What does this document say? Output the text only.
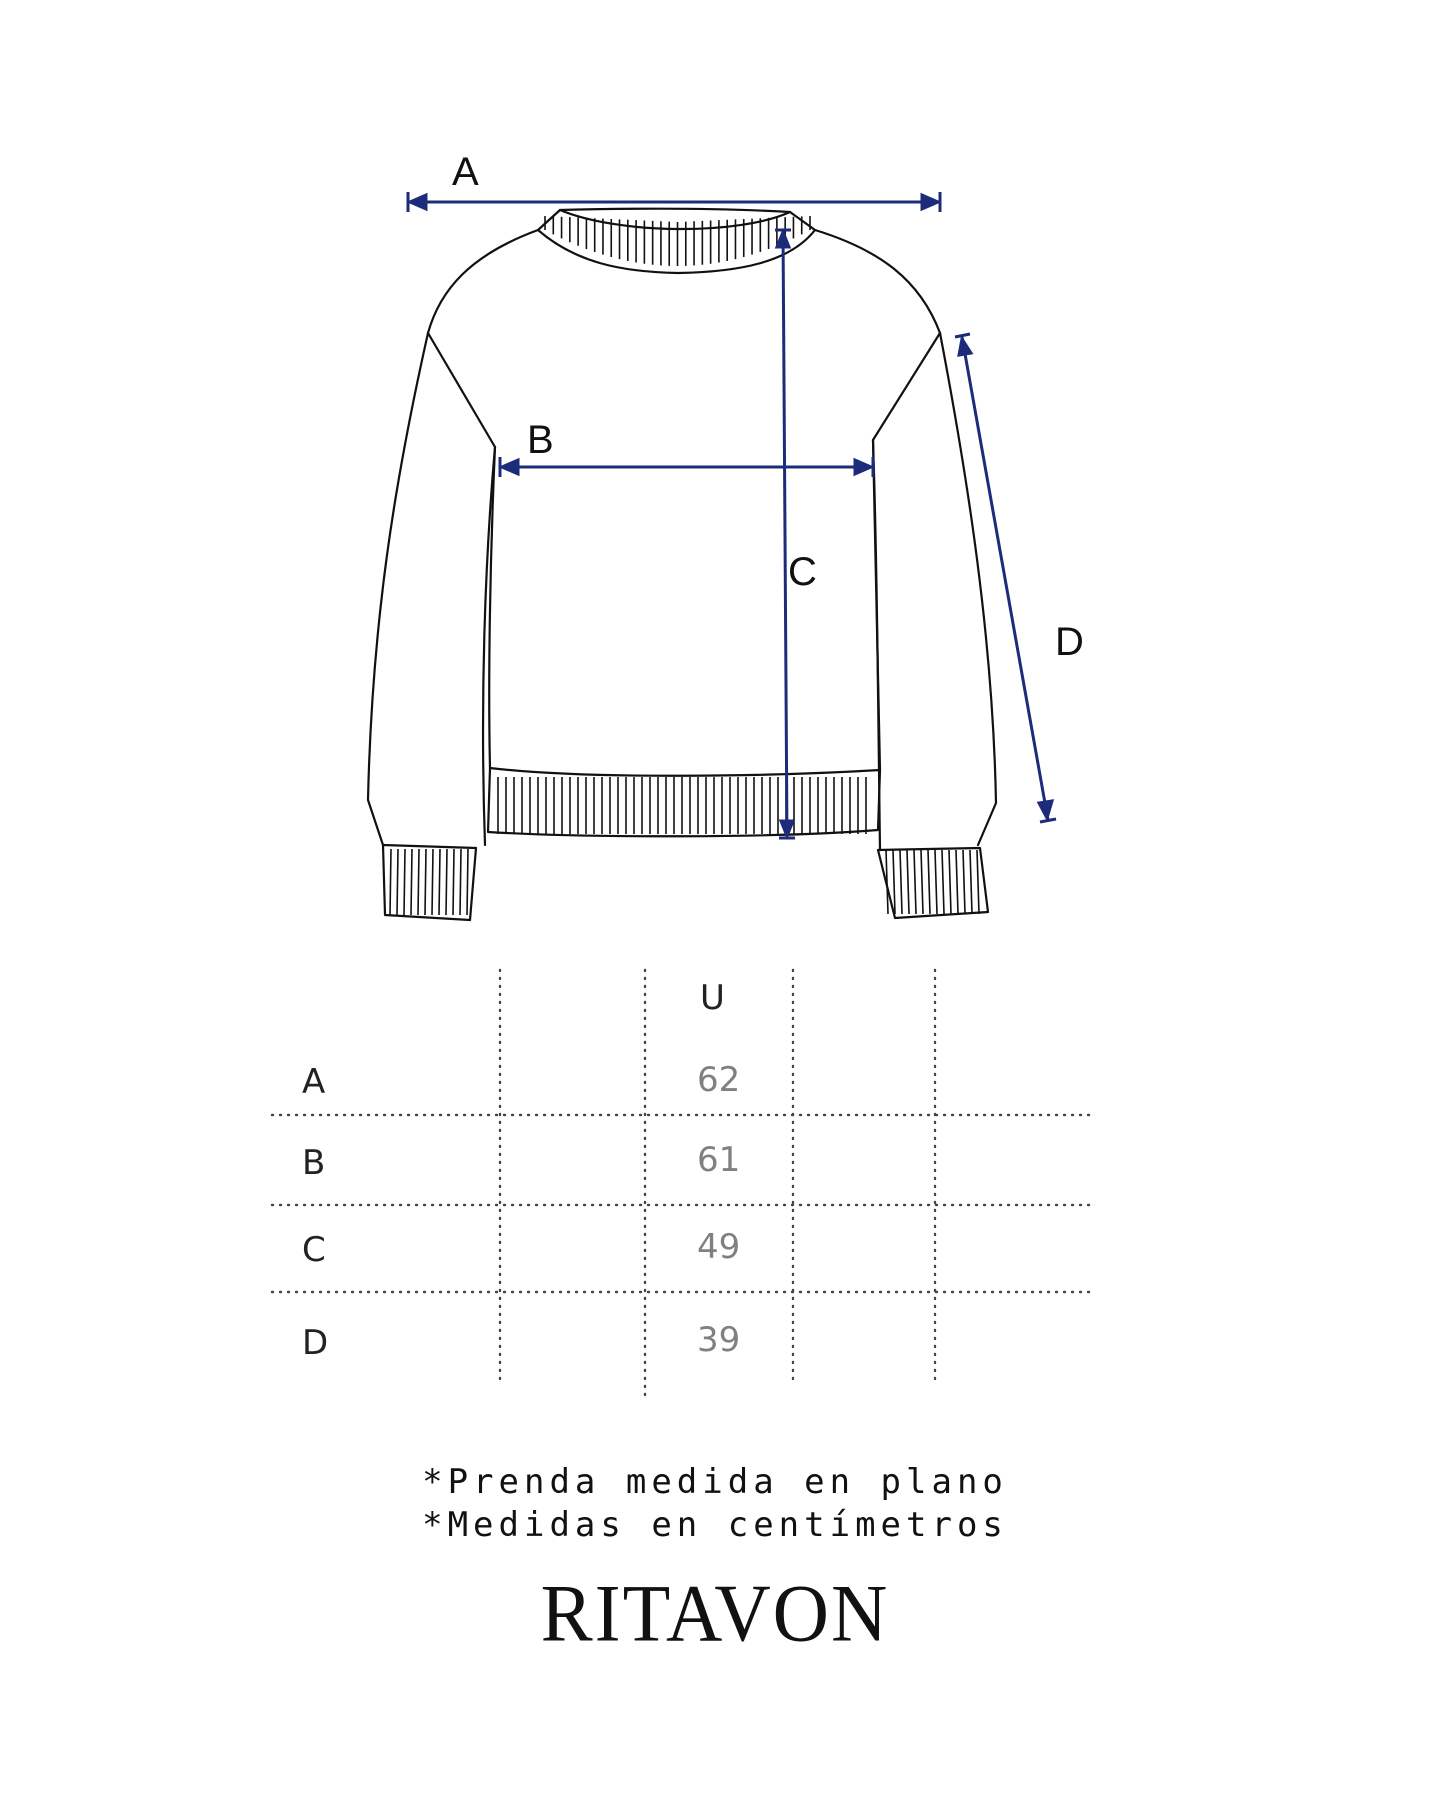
A
B
C
D
U
A	62
B	61
C	49
D	39
*Prenda medida en plano
*Medidas en centímetros
RITAVON
